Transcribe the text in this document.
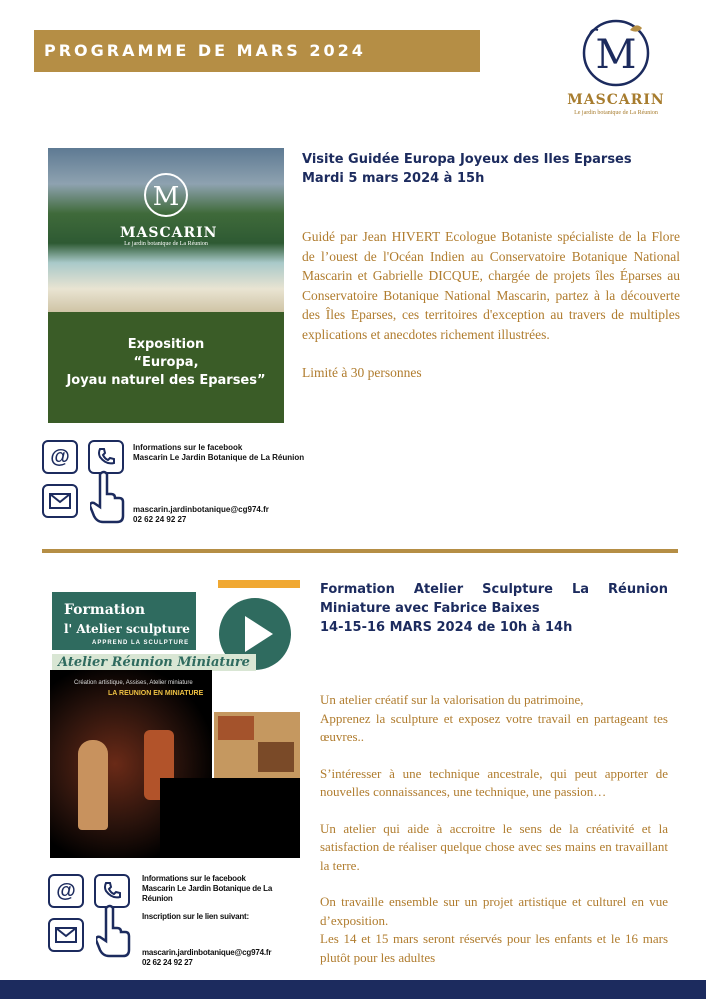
PROGRAMME DE MARS 2024	M
MASCARIN
Le jardin botanique de La Réunion
M
MASCARIN
Le jardin botanique de La Réunion
Exposition
“Europa,
Joyau naturel des Eparses”
Visite Guidée Europa Joyeux des Iles Eparses
Mardi 5 mars 2024 à 15h

Guidé par Jean HIVERT Ecologue Botaniste spécialiste de la Flore de l’ouest de l'Océan Indien au Conservatoire Botanique National Mascarin et Gabrielle DICQUE, chargée de projets îles Éparses au Conservatoire Botanique National Mascarin, partez à la découverte des Îles Eparses, ces territoires d'exception au travers de multiples explications et anecdotes richement illustrées.

Limité à 30 personnes

@	Informations sur le facebook
Mascarin Le Jardin Botanique de La Réunion
mascarin.jardinbotanique@cg974.fr
02 62 24 92 27
Formation
l' Atelier sculpture
APPREND LA SCULPTURE
Atelier Réunion Miniature
Création artistique, Assises, Atelier miniature
LA REUNION EN MINIATURE
Formation Atelier Sculpture La Réunion
Miniature avec Fabrice Baixes
14-15-16 MARS 2024 de 10h à 14h

Un atelier créatif sur la valorisation du patrimoine,

Apprenez la sculpture et exposez votre travail en partageant tes œuvres..

S’intéresser à une technique ancestrale, qui peut apporter de nouvelles connaissances, une technique, une passion…

Un atelier qui aide à accroitre le sens de la créativité et la satisfaction de réaliser quelque chose avec ses mains en travaillant la terre.

On travaille ensemble sur un projet artistique et culturel en vue d’exposition.

Les 14 et 15 mars seront réservés pour les enfants et le 16 mars plutôt pour les adultes

@
Informations sur le facebook
Mascarin Le Jardin Botanique de La Réunion
Inscription sur le lien suivant:
mascarin.jardinbotanique@cg974.fr
02 62 24 92 27
